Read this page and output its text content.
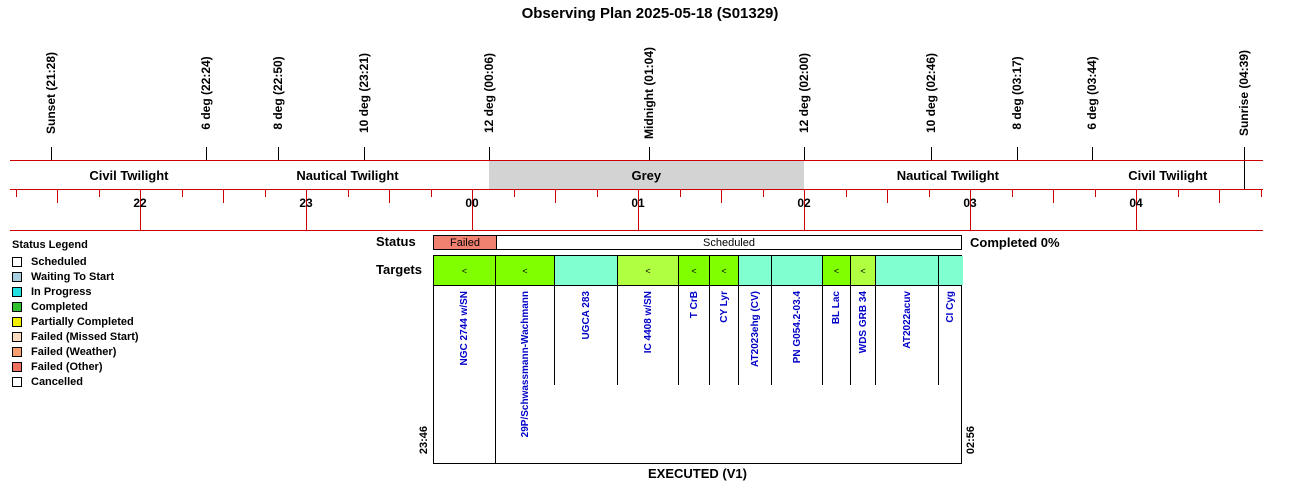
Observing Plan 2025-05-18 (S01329)
Sunset (21:28)	6 deg (22:24)	8 deg (22:50)	10 deg (23:21)	12 deg (00:06)	Midnight (01:04)	12 deg (02:00)	10 deg (02:46)	8 deg (03:17)	6 deg (03:44)	Sunrise (04:39)
Civil Twilight	Nautical Twilight	Grey	Nautical Twilight	Civil Twilight
22	23	00	01	02	03	04
Status Legend
Scheduled
Waiting To Start
In Progress
Completed
Partially Completed
Failed (Missed Start)
Failed (Weather)
Failed (Other)
Cancelled
Status
Targets
Completed 0%
Failed	Scheduled
<	<	<	<	<	<	<
NGC 2744 w/SN	29P/Schwassmann-Wachmann	UGCA 283	IC 4408 w/SN	T CrB CY Lyr AT2023ehg (CV)	PN G054.2-03.4	BL Lac WDS GRB 34	AT2022acuv	CI Cyg
23:46	02:56
EXECUTED (V1)
